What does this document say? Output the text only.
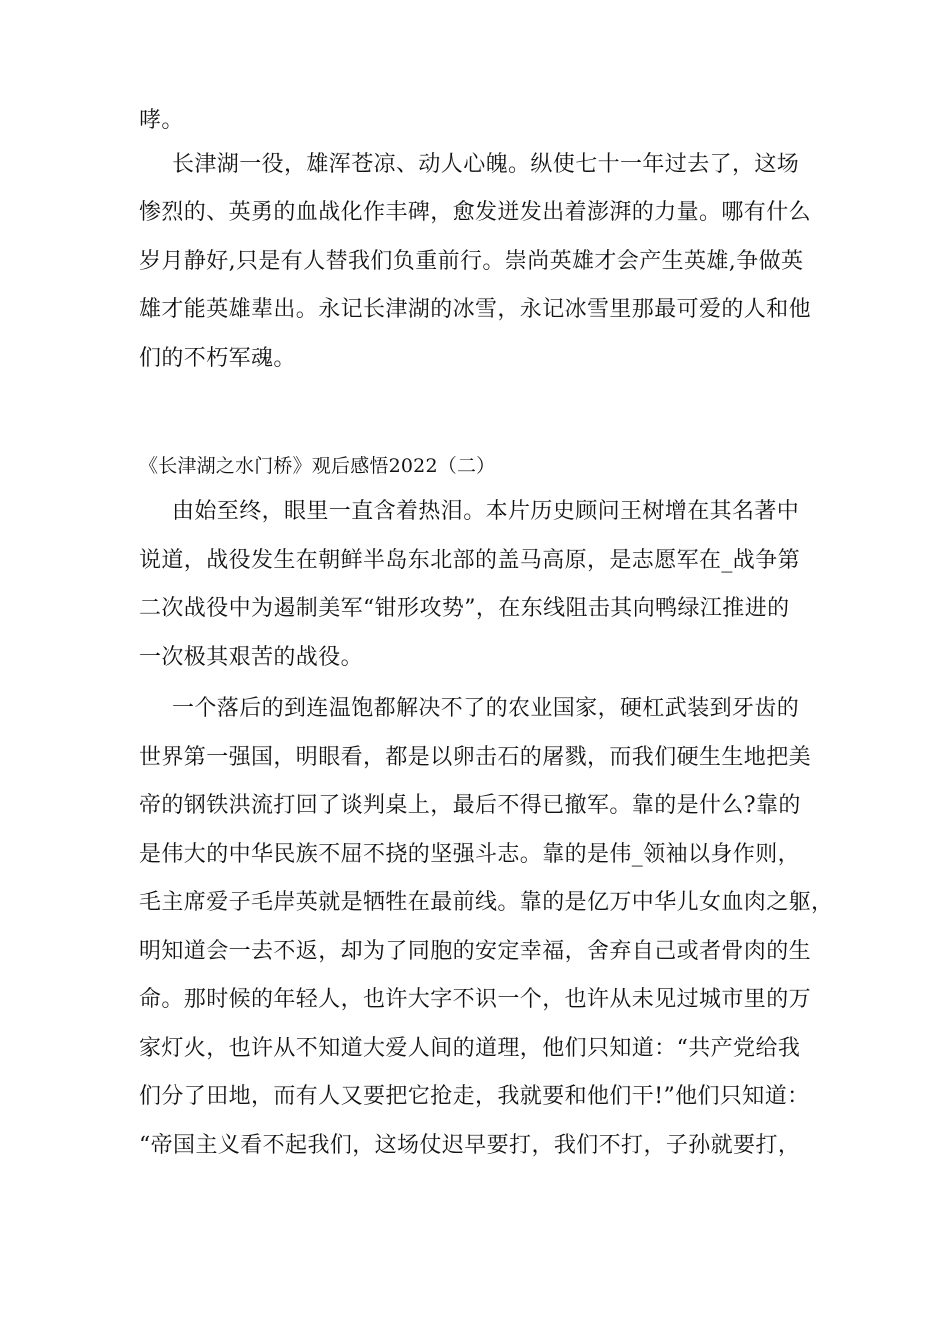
哮。
长津湖一役，雄浑苍凉、动人心魄。纵使七十一年过去了，这场
惨烈的、英勇的血战化作丰碑，愈发迸发出着澎湃的力量。哪有什么
岁月静好,只是有人替我们负重前行。崇尚英雄才会产生英雄,争做英
雄才能英雄辈出。永记长津湖的冰雪，永记冰雪里那最可爱的人和他
们的不朽军魂。
《长津湖之水门桥》观后感悟2022（二）
由始至终，眼里一直含着热泪。本片历史顾问王树增在其名著中
说道，战役发生在朝鲜半岛东北部的盖马高原，是志愿军在_战争第
二次战役中为遏制美军“钳形攻势”，在东线阻击其向鸭绿江推进的
一次极其艰苦的战役。
一个落后的到连温饱都解决不了的农业国家，硬杠武装到牙齿的
世界第一强国，明眼看，都是以卵击石的屠戮，而我们硬生生地把美
帝的钢铁洪流打回了谈判桌上，最后不得已撤军。靠的是什么?靠的
是伟大的中华民族不屈不挠的坚强斗志。靠的是伟_领袖以身作则，
毛主席爱子毛岸英就是牺牲在最前线。靠的是亿万中华儿女血肉之躯，
明知道会一去不返，却为了同胞的安定幸福，舍弃自己或者骨肉的生
命。那时候的年轻人，也许大字不识一个，也许从未见过城市里的万
家灯火，也许从不知道大爱人间的道理，他们只知道：“共产党给我
们分了田地，而有人又要把它抢走，我就要和他们干!”他们只知道：
“帝国主义看不起我们，这场仗迟早要打，我们不打，子孙就要打，
